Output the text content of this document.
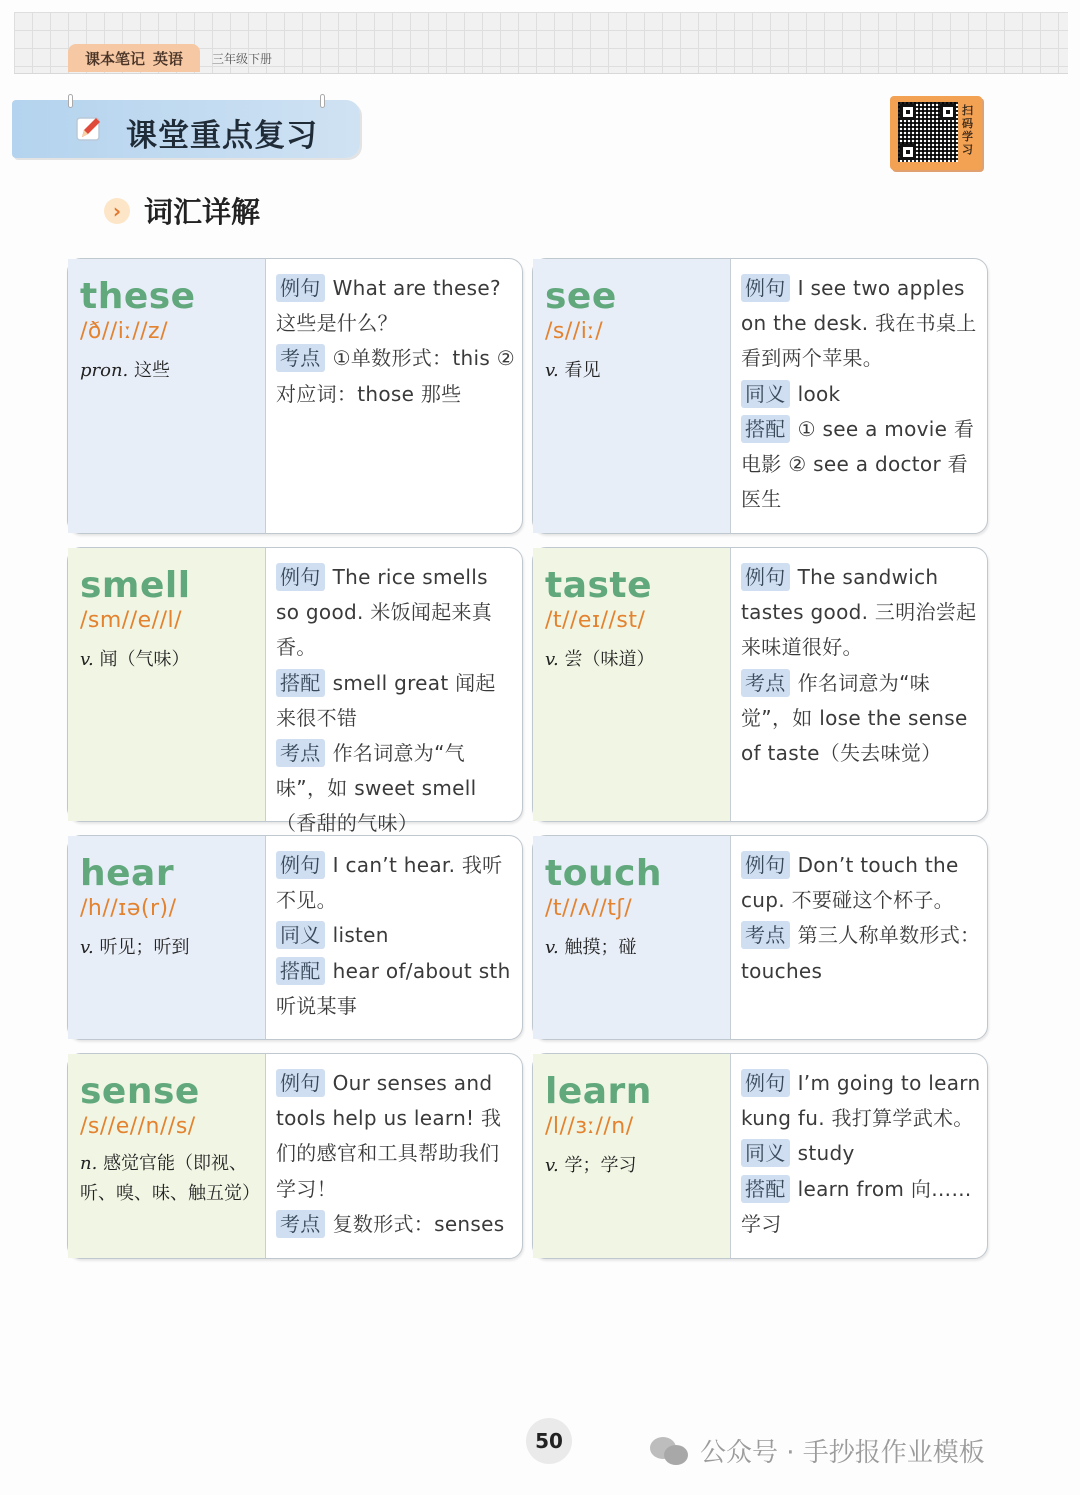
课本笔记 英语 三年级下册
课堂重点复习
扫码学习
› 词汇详解
these
/ð//iː//z/
pron. 这些
例句 What are these? 这些是什么？
考点 ①单数形式：this ②对应词：those 那些
see
/s//iː/
v. 看见
例句 I see two apples on the desk. 我在书桌上看到两个苹果。
同义 look
搭配 ① see a movie 看电影 ② see a doctor 看医生
smell
/sm//e//l/
v. 闻（气味）
例句 The rice smells so good. 米饭闻起来真香。
搭配 smell great 闻起来很不错
考点 作名词意为“气味”，如 sweet smell（香甜的气味）
taste
/t//eɪ//st/
v. 尝（味道）
例句 The sandwich tastes good. 三明治尝起来味道很好。
考点 作名词意为“味觉”，如 lose the sense of taste（失去味觉）
hear
/h//ɪə(r)/
v. 听见；听到
例句 I can’t hear. 我听不见。
同义 listen
搭配 hear of/about sth 听说某事
touch
/t//ʌ//tʃ/
v. 触摸；碰
例句 Don’t touch the cup. 不要碰这个杯子。
考点 第三人称单数形式：touches
sense
/s//e//n//s/
n. 感觉官能（即视、听、嗅、味、触五觉）
例句 Our senses and tools help us learn! 我们的感官和工具帮助我们学习！
考点 复数形式：senses
learn
/l//ɜː//n/
v. 学；学习
例句 I’m going to learn kung fu. 我打算学武术。
同义 study
搭配 learn from 向……学习
50	公众号 · 手抄报作业模板
